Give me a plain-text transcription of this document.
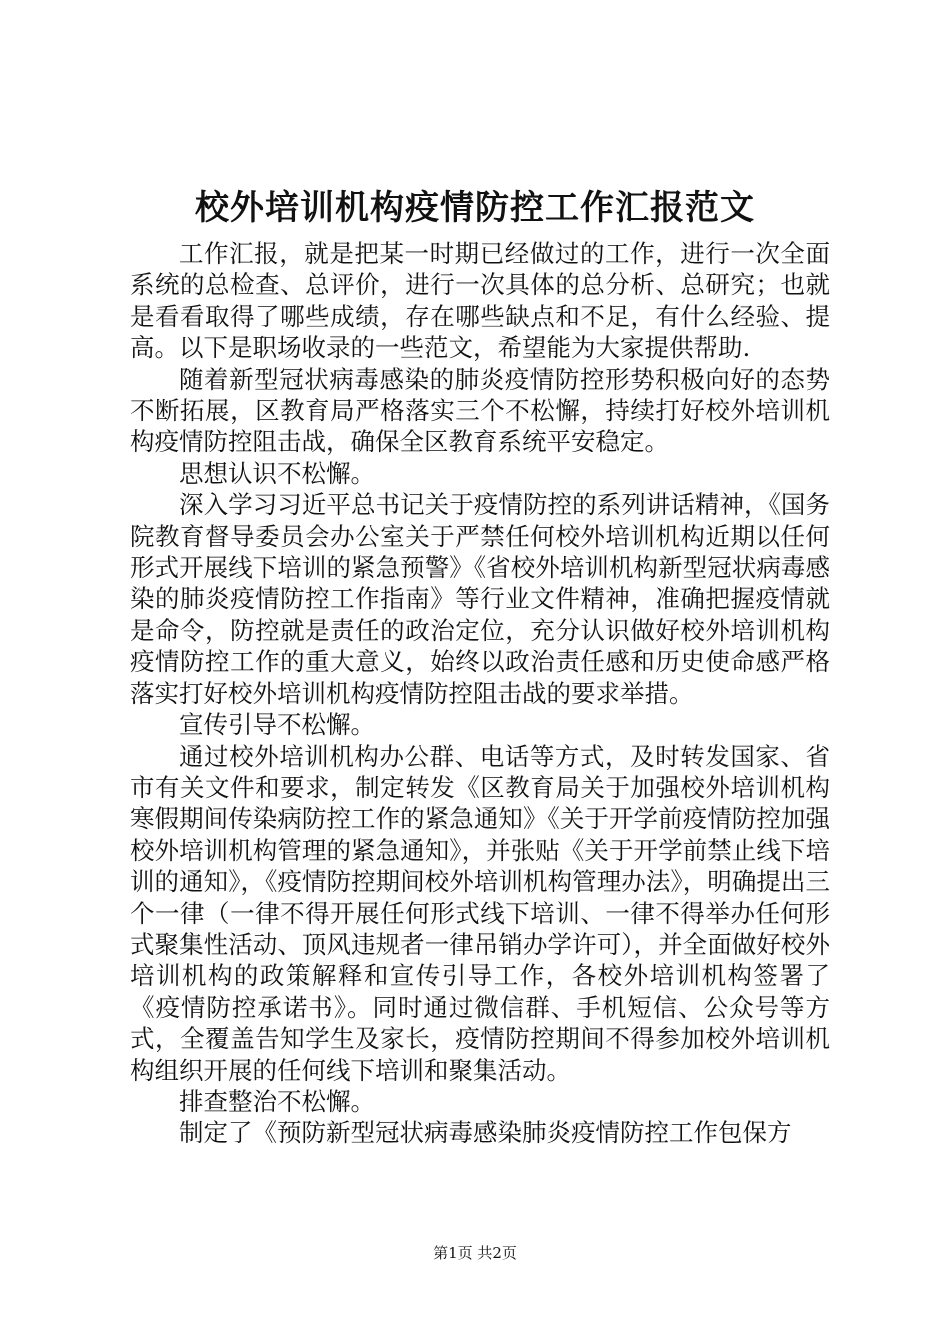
校外培训机构疫情防控工作汇报范文

工作汇报，就是把某一时期已经做过的工作，进行一次全面系统的总检查、总评价，进行一次具体的总分析、总研究；也就是看看取得了哪些成绩，存在哪些缺点和不足，有什么经验、提高。以下是职场收录的一些范文，希望能为大家提供帮助.

随着新型冠状病毒感染的肺炎疫情防控形势积极向好的态势不断拓展，区教育局严格落实三个不松懈，持续打好校外培训机构疫情防控阻击战，确保全区教育系统平安稳定。

思想认识不松懈。

深入学习习近平总书记关于疫情防控的系列讲话精神，《国务院教育督导委员会办公室关于严禁任何校外培训机构近期以任何形式开展线下培训的紧急预警》《省校外培训机构新型冠状病毒感染的肺炎疫情防控工作指南》等行业文件精神，准确把握疫情就是命令，防控就是责任的政治定位，充分认识做好校外培训机构疫情防控工作的重大意义，始终以政治责任感和历史使命感严格落实打好校外培训机构疫情防控阻击战的要求举措。

宣传引导不松懈。

通过校外培训机构办公群、电话等方式，及时转发国家、省市有关文件和要求，制定转发《区教育局关于加强校外培训机构寒假期间传染病防控工作的紧急通知》《关于开学前疫情防控加强校外培训机构管理的紧急通知》，并张贴《关于开学前禁止线下培训的通知》，《疫情防控期间校外培训机构管理办法》，明确提出三个一律（一律不得开展任何形式线下培训、一律不得举办任何形式聚集性活动、顶风违规者一律吊销办学许可），并全面做好校外培训机构的政策解释和宣传引导工作，各校外培训机构签署了《疫情防控承诺书》。同时通过微信群、手机短信、公众号等方式，全覆盖告知学生及家长，疫情防控期间不得参加校外培训机构组织开展的任何线下培训和聚集活动。

排查整治不松懈。

制定了《预防新型冠状病毒感染肺炎疫情防控工作包保方

第1页 共2页
